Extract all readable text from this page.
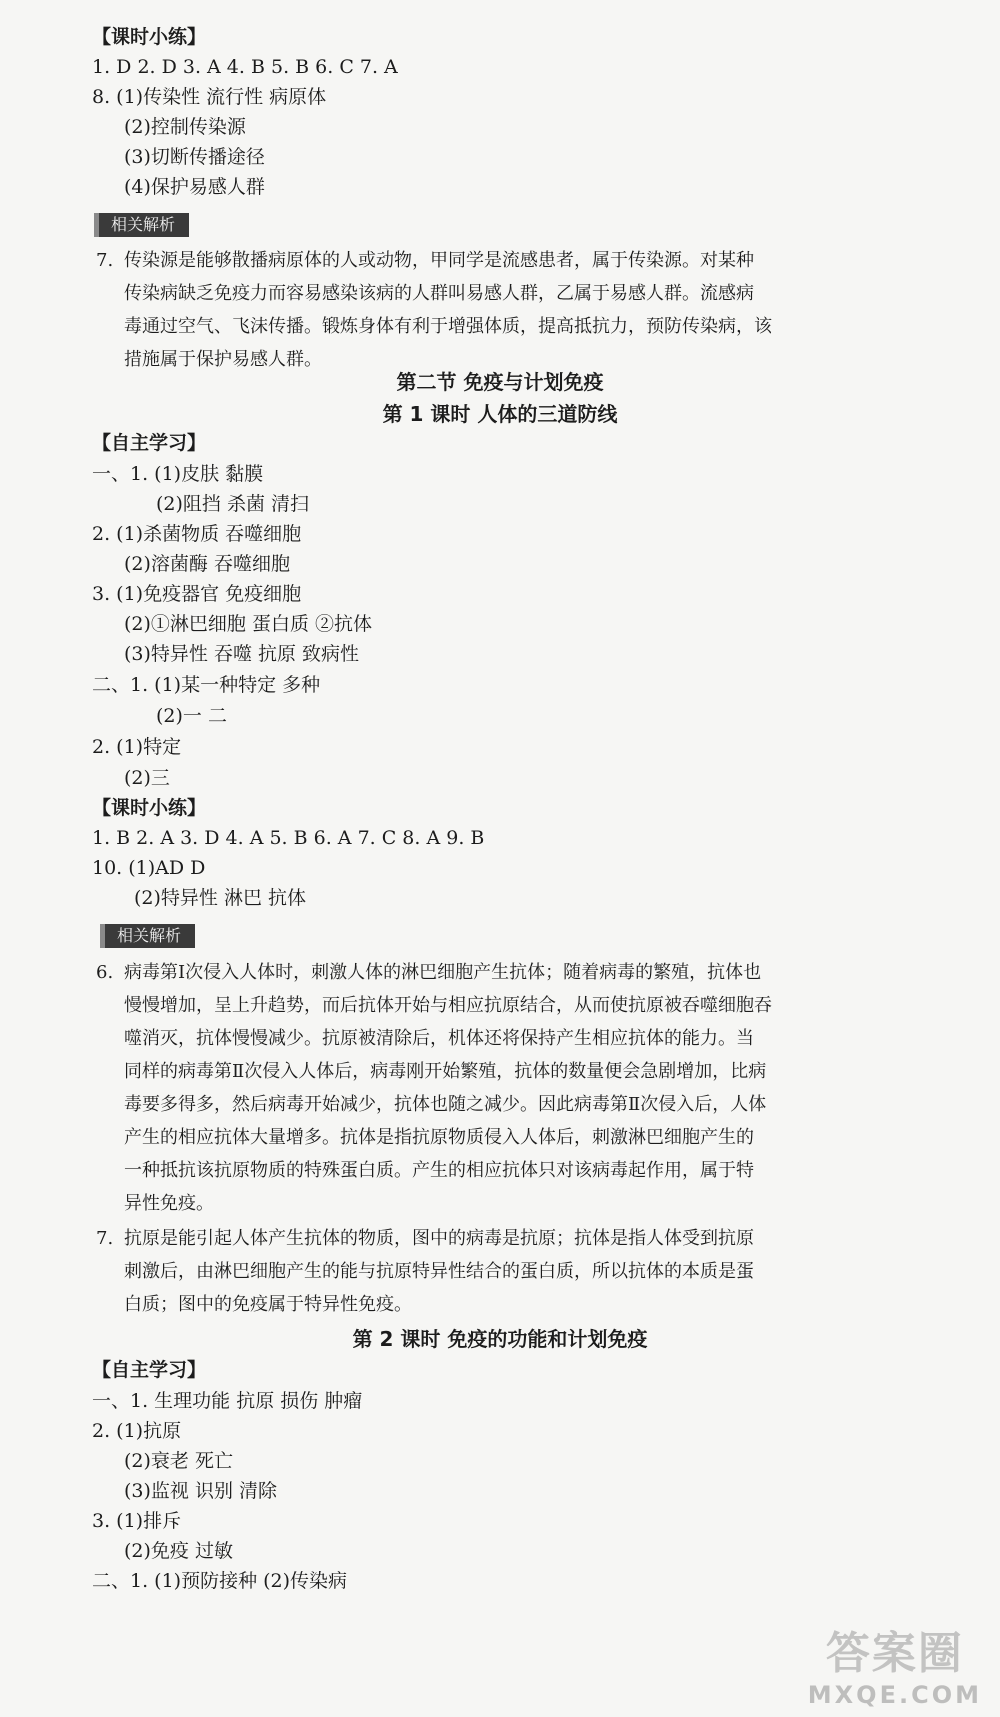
【课时小练】
1. D 2. D 3. A 4. B 5. B 6. C 7. A
8. (1)传染性 流行性 病原体
(2)控制传染源
(3)切断传播途径
(4)保护易感人群
相关解析
7. 传染源是能够散播病原体的人或动物，甲同学是流感患者，属于传染源。对某种
传染病缺乏免疫力而容易感染该病的人群叫易感人群，乙属于易感人群。流感病
毒通过空气、飞沫传播。锻炼身体有利于增强体质，提高抵抗力，预防传染病，该
措施属于保护易感人群。
第二节 免疫与计划免疫
第 1 课时 人体的三道防线
【自主学习】
一、1. (1)皮肤 黏膜
(2)阻挡 杀菌 清扫
2. (1)杀菌物质 吞噬细胞
(2)溶菌酶 吞噬细胞
3. (1)免疫器官 免疫细胞
(2)①淋巴细胞 蛋白质 ②抗体
(3)特异性 吞噬 抗原 致病性
二、1. (1)某一种特定 多种
(2)一 二
2. (1)特定
(2)三
【课时小练】
1. B 2. A 3. D 4. A 5. B 6. A 7. C 8. A 9. B
10. (1)AD D
(2)特异性 淋巴 抗体
相关解析
6. 病毒第Ⅰ次侵入人体时，刺激人体的淋巴细胞产生抗体；随着病毒的繁殖，抗体也
慢慢增加，呈上升趋势，而后抗体开始与相应抗原结合，从而使抗原被吞噬细胞吞
噬消灭，抗体慢慢减少。抗原被清除后，机体还将保持产生相应抗体的能力。当
同样的病毒第Ⅱ次侵入人体后，病毒刚开始繁殖，抗体的数量便会急剧增加，比病
毒要多得多，然后病毒开始减少，抗体也随之减少。因此病毒第Ⅱ次侵入后，人体
产生的相应抗体大量增多。抗体是指抗原物质侵入人体后，刺激淋巴细胞产生的
一种抵抗该抗原物质的特殊蛋白质。产生的相应抗体只对该病毒起作用，属于特
异性免疫。
7. 抗原是能引起人体产生抗体的物质，图中的病毒是抗原；抗体是指人体受到抗原
刺激后，由淋巴细胞产生的能与抗原特异性结合的蛋白质，所以抗体的本质是蛋
白质；图中的免疫属于特异性免疫。
第 2 课时 免疫的功能和计划免疫
【自主学习】
一、1. 生理功能 抗原 损伤 肿瘤
2. (1)抗原
(2)衰老 死亡
(3)监视 识别 清除
3. (1)排斥
(2)免疫 过敏
二、1. (1)预防接种 (2)传染病
答案圈
MXQE.COM
